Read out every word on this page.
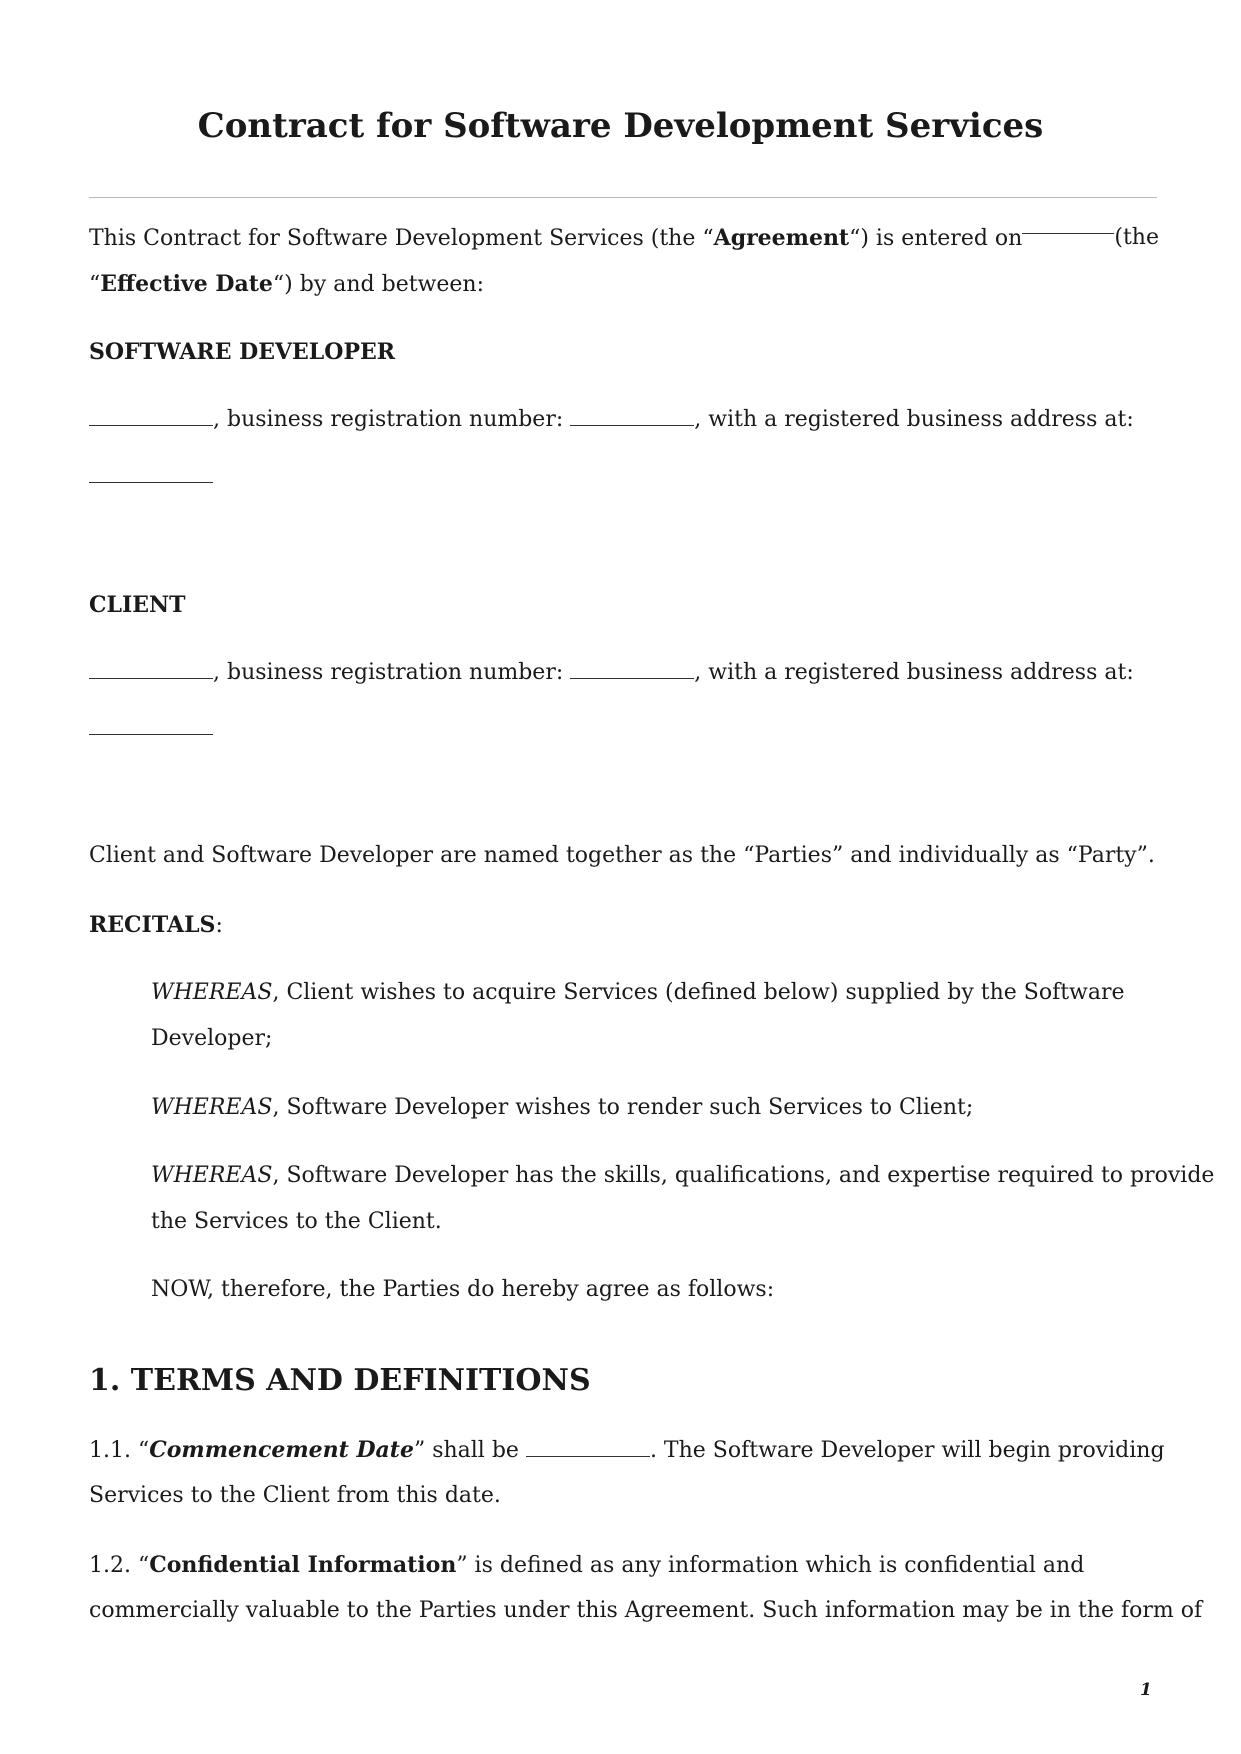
Contract for Software Development Services
This Contract for Software Development Services (the “Agreement“) is entered on	(the
“Effective Date“) by and between:
SOFTWARE DEVELOPER
, business registration number:	, with a registered business address at:
CLIENT
, business registration number:	, with a registered business address at:
Client and Software Developer are named together as the “Parties” and individually as “Party”.
RECITALS:
WHEREAS, Client wishes to acquire Services (defined below) supplied by the Software
Developer;
WHEREAS, Software Developer wishes to render such Services to Client;
WHEREAS, Software Developer has the skills, qualifications, and expertise required to provide
the Services to the Client.
NOW, therefore, the Parties do hereby agree as follows:
1. TERMS AND DEFINITIONS
1.1. “Commencement Date” shall be	. The Software Developer will begin providing
Services to the Client from this date.
1.2. “Confidential Information” is defined as any information which is confidential and
commercially valuable to the Parties under this Agreement. Such information may be in the form of
1
